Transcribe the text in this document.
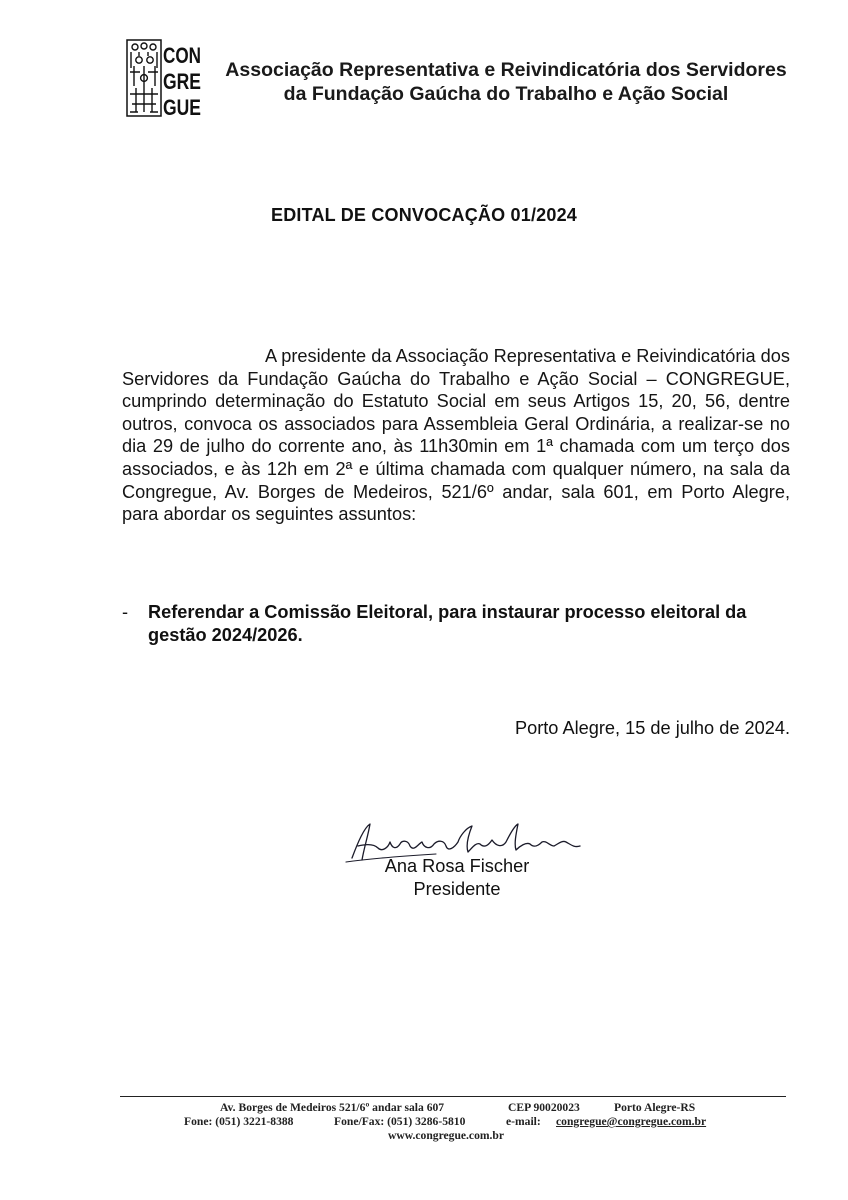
CON
GRE
GUE
Associação Representativa e Reivindicatória dos Servidores
da Fundação Gaúcha do Trabalho e Ação Social
EDITAL DE CONVOCAÇÃO 01/2024

A presidente da Associação Representativa e Reivindicatória dos Servidores da Fundação Gaúcha do Trabalho e Ação Social – CONGREGUE, cumprindo determinação do Estatuto Social em seus Artigos 15, 20, 56, dentre outros, convoca os associados para Assembleia Geral Ordinária, a realizar-se no dia 29 de julho do corrente ano, às 11h30min em 1ª chamada com um terço dos associados, e às 12h em 2ª e última chamada com qualquer número, na sala da Congregue, Av. Borges de Medeiros, 521/6º andar, sala 601, em Porto Alegre, para abordar os seguintes assuntos:

- Referendar a Comissão Eleitoral, para instaurar processo eleitoral da gestão 2024/2026.
Porto Alegre, 15 de julho de 2024.
Ana Rosa Fischer
Presidente
Av. Borges de Medeiros 521/6º andar sala 607	CEP 90020023	Porto Alegre-RS
Fone: (051) 3221-8388	Fone/Fax: (051) 3286-5810	e-mail: congregue@congregue.com.br
www.congregue.com.br
